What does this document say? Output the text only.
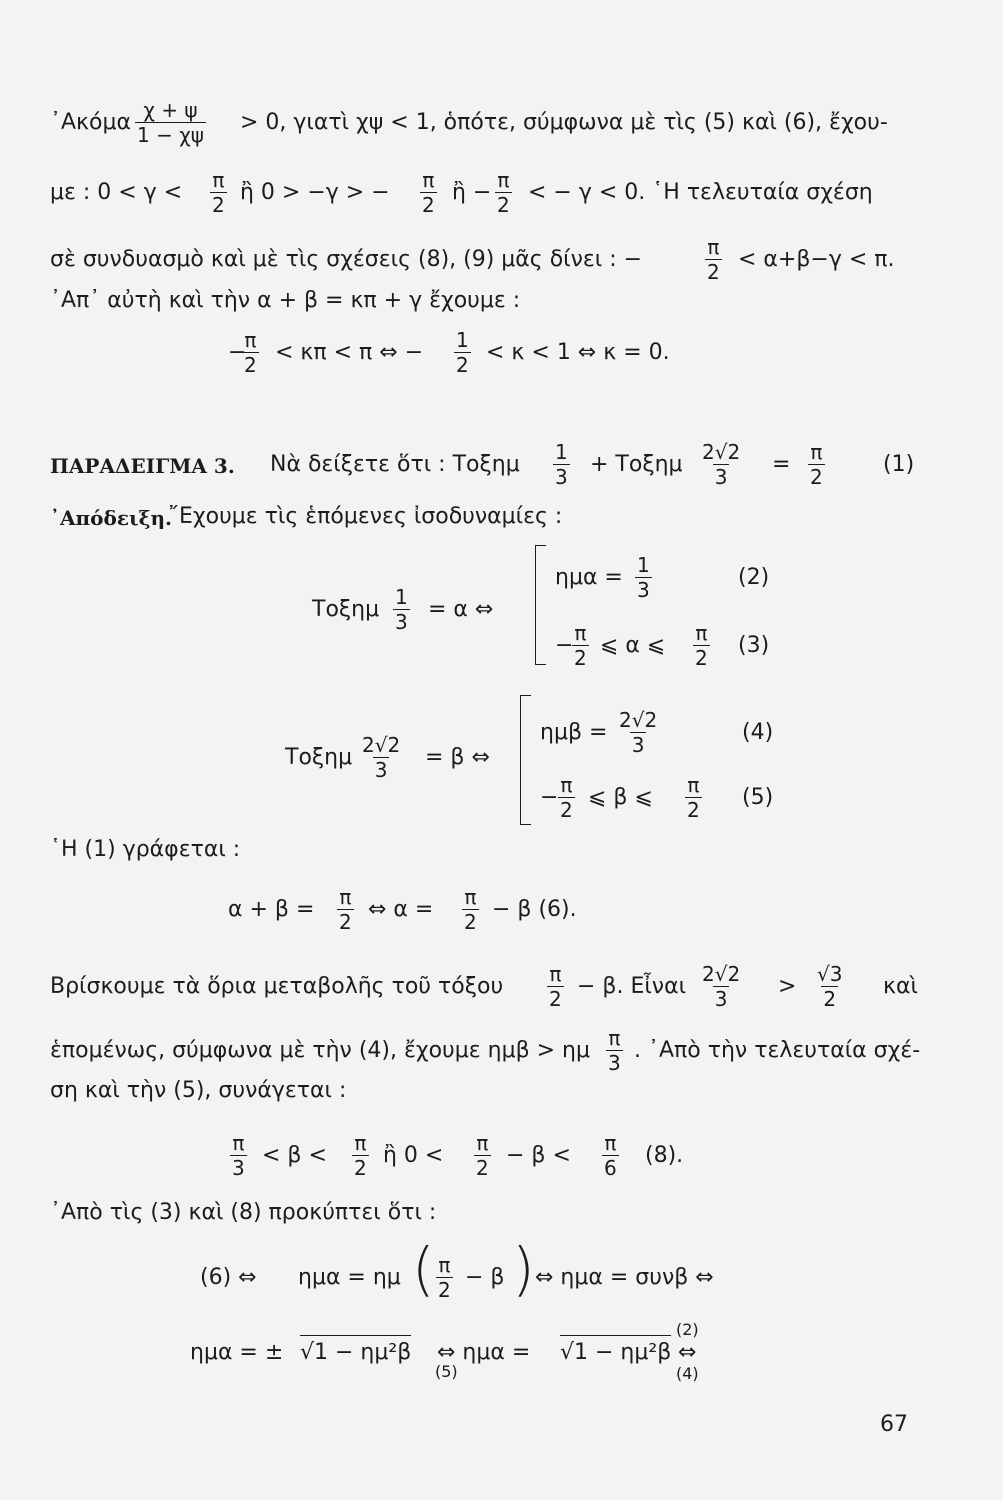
᾿Ακόμα $\frac{\chi + \psi}{1 - \chi\psi} > 0$, γιατὶ χψ < 1, ὁπότε, σύμφωνα μὲ τὶς (5) καὶ (6), ἔχου-
με : $0 < \gamma < \frac{\pi}{2}$ ἢ 0 > −γ > − $\frac{\pi}{2}$ ἢ − $\frac{\pi}{2}$ < − γ < 0. ῾Η τελευταία σχέση
σὲ συνδυασμὸ καὶ μὲ τὶς σχέσεις (8), (9) μᾶς δίνει : −	$\frac{\pi}{2} < \alpha+\beta-\gamma < \pi$.
᾿Απ᾿ αὐτὴ καὶ τὴν α + β = κπ + γ ἔχουμε :
−
$\frac{\pi}{2} < \kappa\pi < \pi$ ⇔ − $\frac{1}{2} < \kappa < 1$ ⇔ κ = 0.
ΠΑΡΑΔΕΙΓΜΑ 3. Νὰ δείξετε ὅτι : Τοξημ $\frac{1}{3} + To\xi\eta\mu \frac{2√2}{3} = \frac{\pi}{2}$	(1)
᾿Απόδειξη.
῎Εχουμε τὶς ἑπόμενες ἰσοδυναμίες :
Τοξημ $\frac{1}{3} = \alpha$ ⇔
$\eta\mu\alpha = \frac{1}{3}$	(2)
−
$\frac{\pi}{2}$ ⩽ α ⩽ $\frac{\pi}{2} (3)$
Τοξημ $\frac{2√2}{3} = \beta$ ⇔
$\eta\mu\beta = \frac{2√2}{3}$	(4)
− $\frac{\pi}{2}$ ⩽ β ⩽ $\frac{\pi}{2} (5)$
῾Η (1) γράφεται :
$\alpha + \beta = \frac{\pi}{2}$ ⇔ $\alpha = \frac{\pi}{2} - \beta$ (6).
Βρίσκουμε τὰ ὅρια μεταβολῆς τοῦ τόξου $\frac{\pi}{2} - \beta$. Εἶναι $\frac{2√2}{3} > \frac{√3}{2}$ καὶ
ἑπομένως, σύμφωνα μὲ τὴν (4), ἔχουμε ημβ > ημ $\frac{\pi}{3}$ . ᾿Απὸ τὴν τελευταία σχέ-
ση καὶ τὴν (5), συνάγεται :
$\frac{\pi}{3} < \beta < \frac{\pi}{2}$ ἢ $0 < \frac{\pi}{2} - \beta < \frac{\pi}{6} (8)$.
᾿Απὸ τὶς (3) καὶ (8) προκύπτει ὅτι :
(6) ⇔ ημα = ημ ( $\frac{\pi}{2} - \beta$ ) ⇔ ημα = συνβ ⇔
ημα = ± √1 − ημ²β ⇔ ημα = √1 − ημ²β ⇔
(2)
(5)	(4)
67
